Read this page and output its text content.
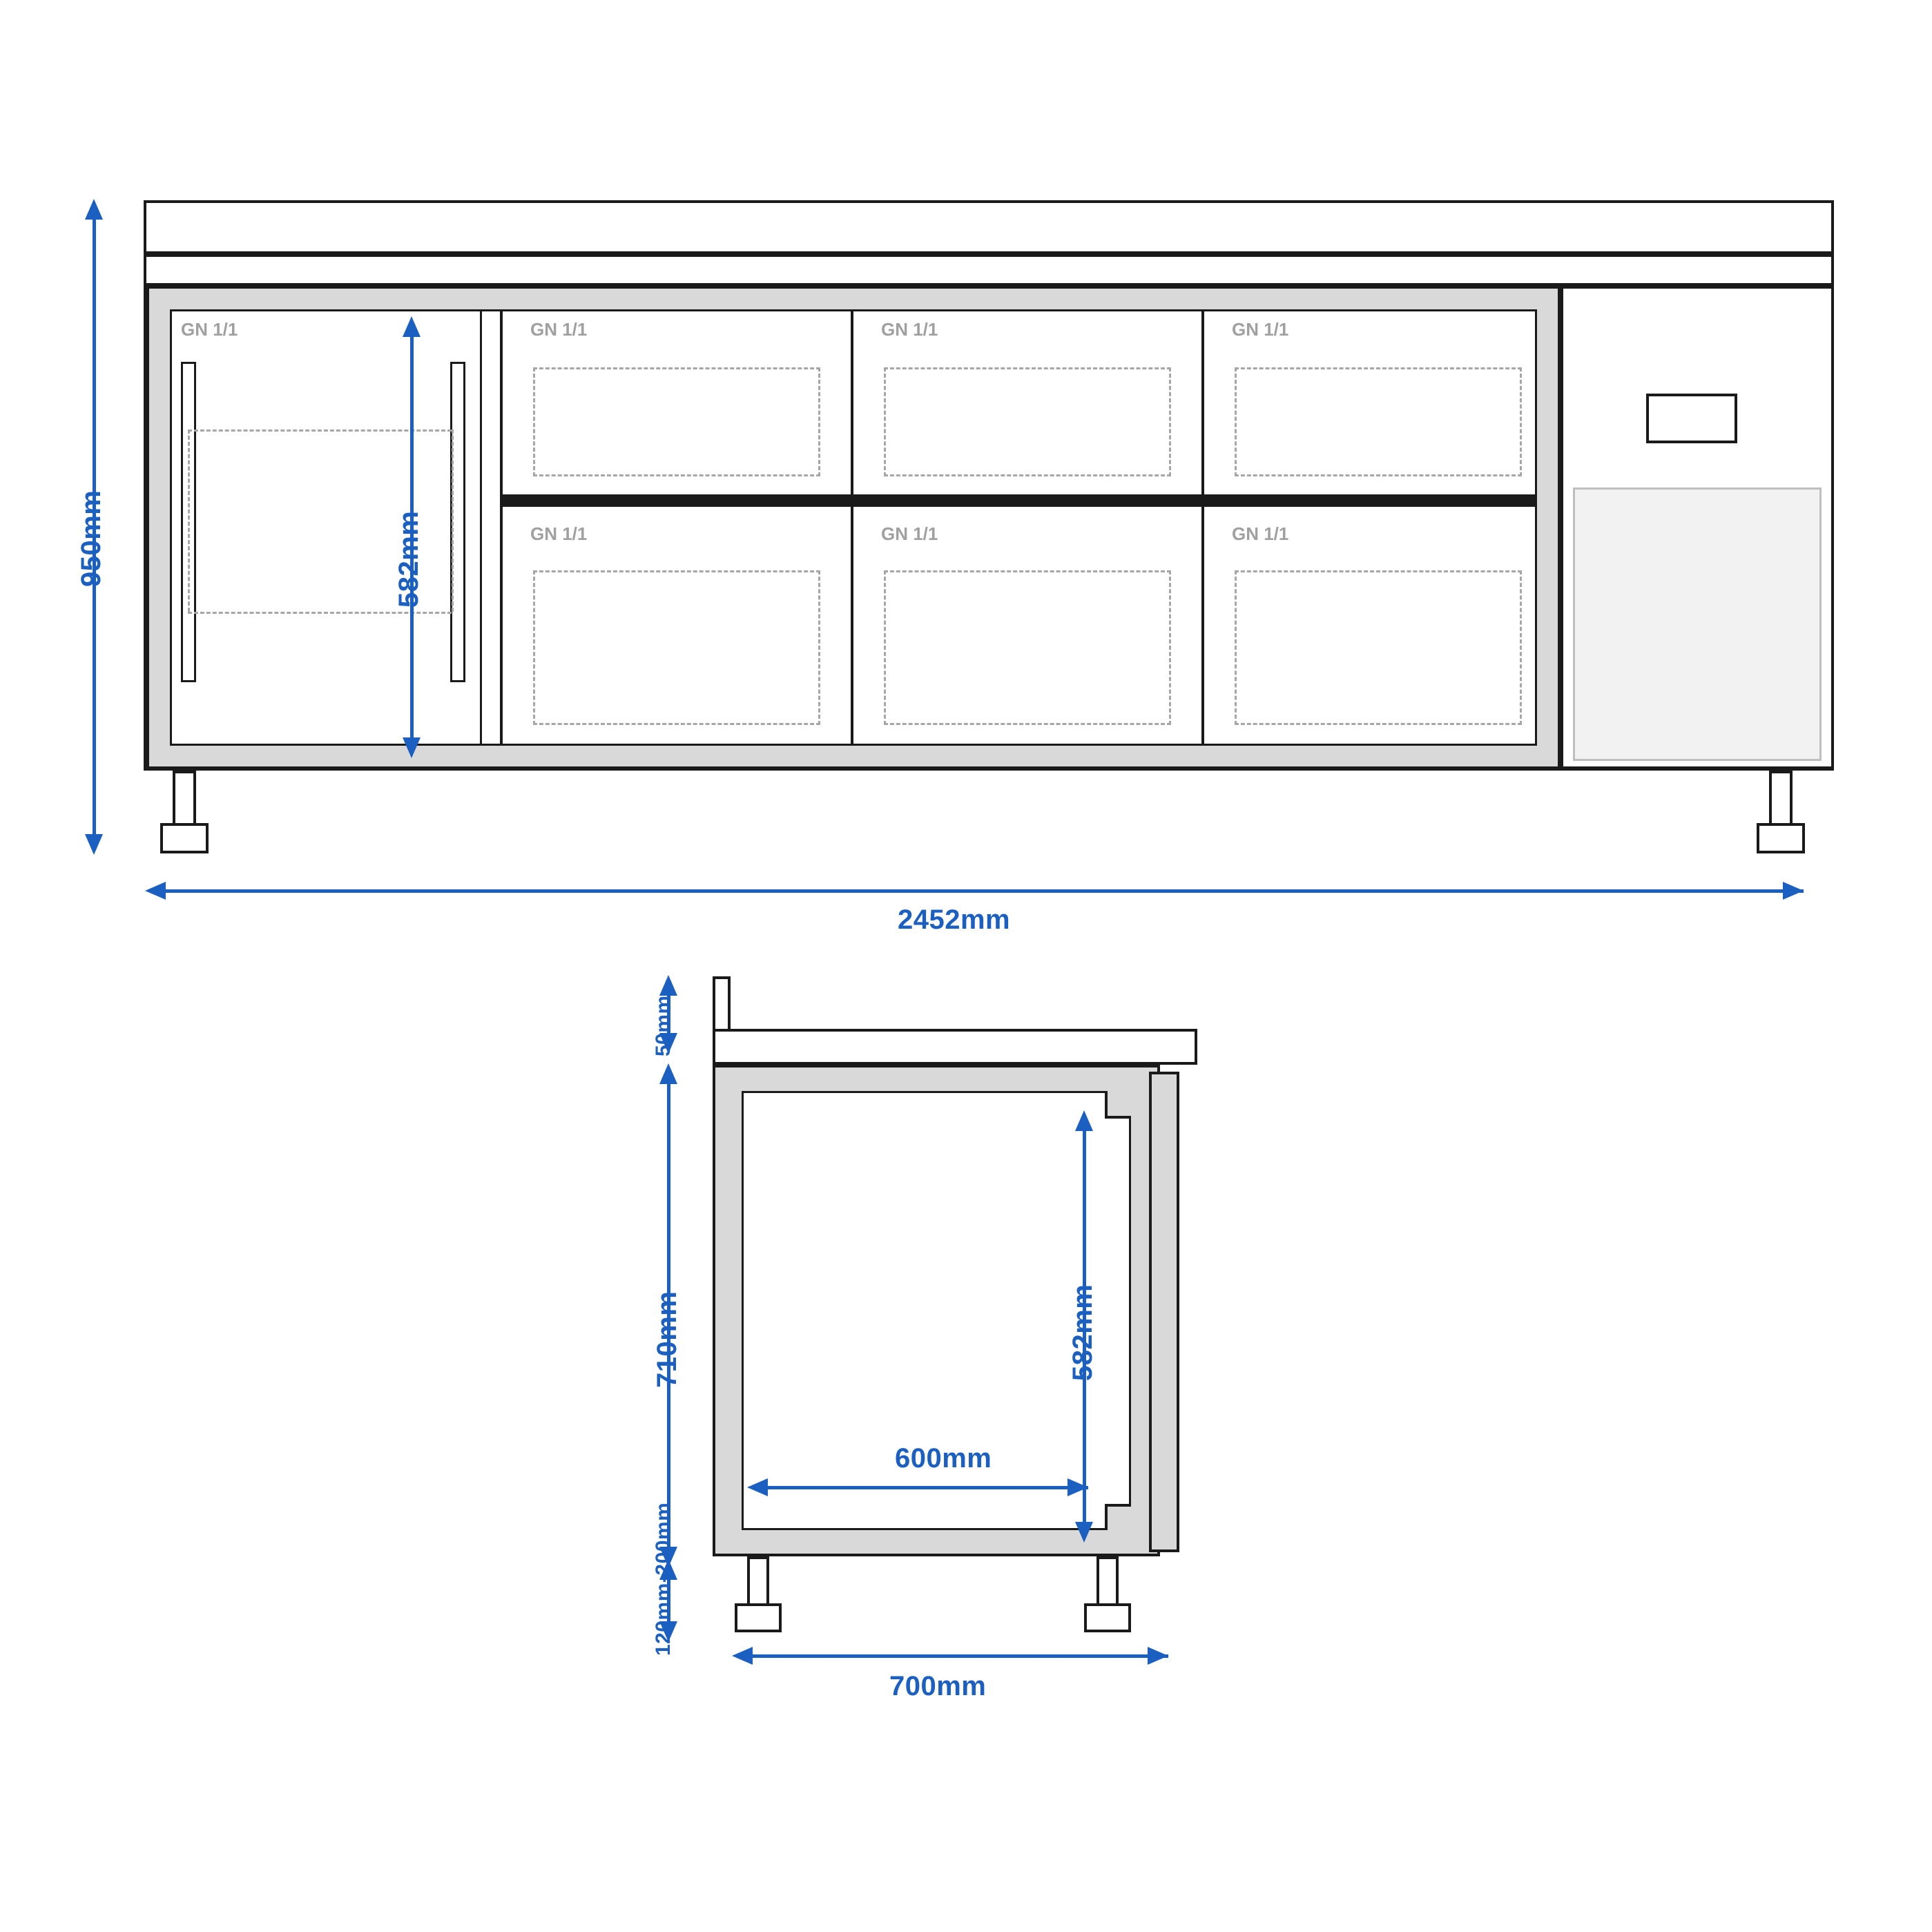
GN 1/1	GN 1/1	GN 1/1	GN 1/1
GN 1/1	GN 1/1	GN 1/1
950mm	582mm
2452mm
50mm
710mm
120mm-200mm
582mm
600mm
700mm
